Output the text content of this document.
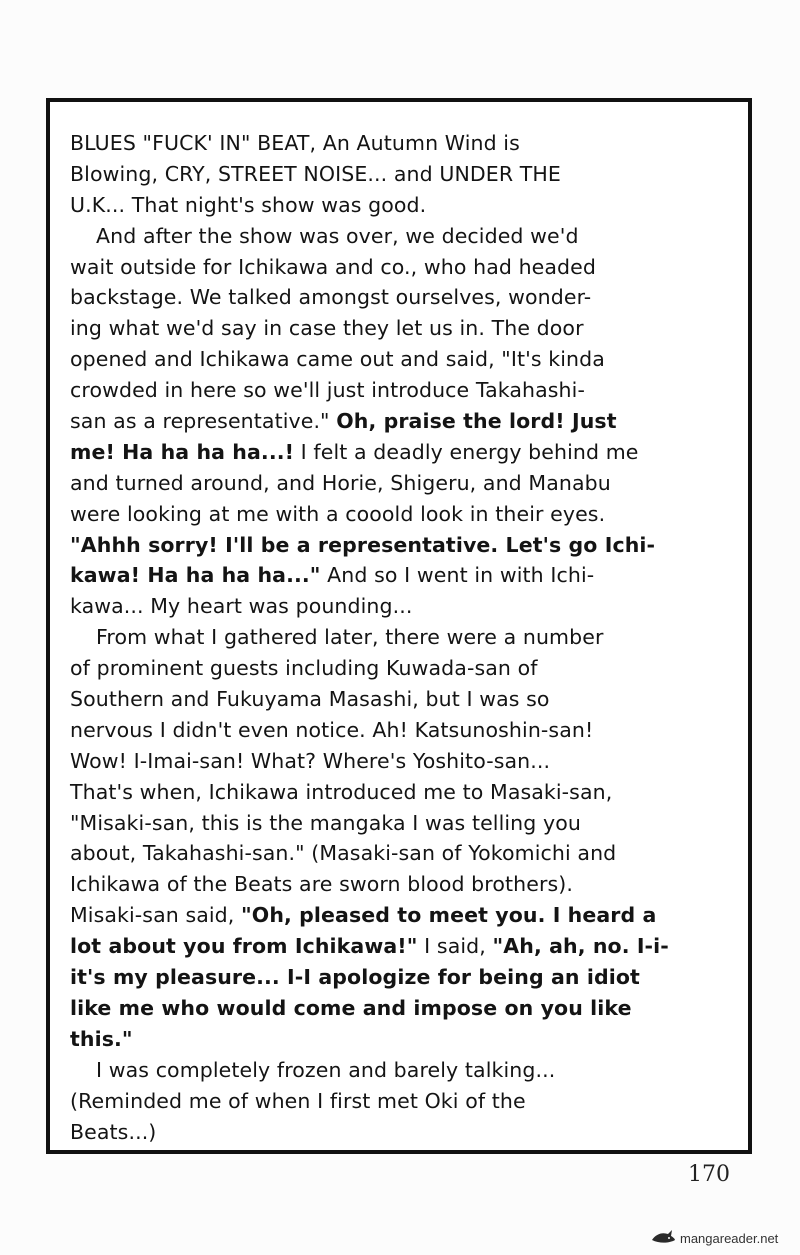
BLUES "FUCK' IN" BEAT, An Autumn Wind is
Blowing, CRY, STREET NOISE... and UNDER THE
U.K... That night's show was good.
And after the show was over, we decided we'd
wait outside for Ichikawa and co., who had headed
backstage. We talked amongst ourselves, wonder-
ing what we'd say in case they let us in. The door
opened and Ichikawa came out and said, "It's kinda
crowded in here so we'll just introduce Takahashi-
san as a representative." Oh, praise the lord! Just
me! Ha ha ha ha...! I felt a deadly energy behind me
and turned around, and Horie, Shigeru, and Manabu
were looking at me with a cooold look in their eyes.
"Ahhh sorry! I'll be a representative. Let's go Ichi-
kawa! Ha ha ha ha..." And so I went in with Ichi-
kawa... My heart was pounding...
From what I gathered later, there were a number
of prominent guests including Kuwada-san of
Southern and Fukuyama Masashi, but I was so
nervous I didn't even notice. Ah! Katsunoshin-san!
Wow! I-Imai-san! What? Where's Yoshito-san...
That's when, Ichikawa introduced me to Masaki-san,
"Misaki-san, this is the mangaka I was telling you
about, Takahashi-san." (Masaki-san of Yokomichi and
Ichikawa of the Beats are sworn blood brothers).
Misaki-san said, "Oh, pleased to meet you. I heard a
lot about you from Ichikawa!" I said, "Ah, ah, no. I-i-
it's my pleasure... I-I apologize for being an idiot
like me who would come and impose on you like
this."
I was completely frozen and barely talking...
(Reminded me of when I first met Oki of the
Beats...)
170
mangareader.net
